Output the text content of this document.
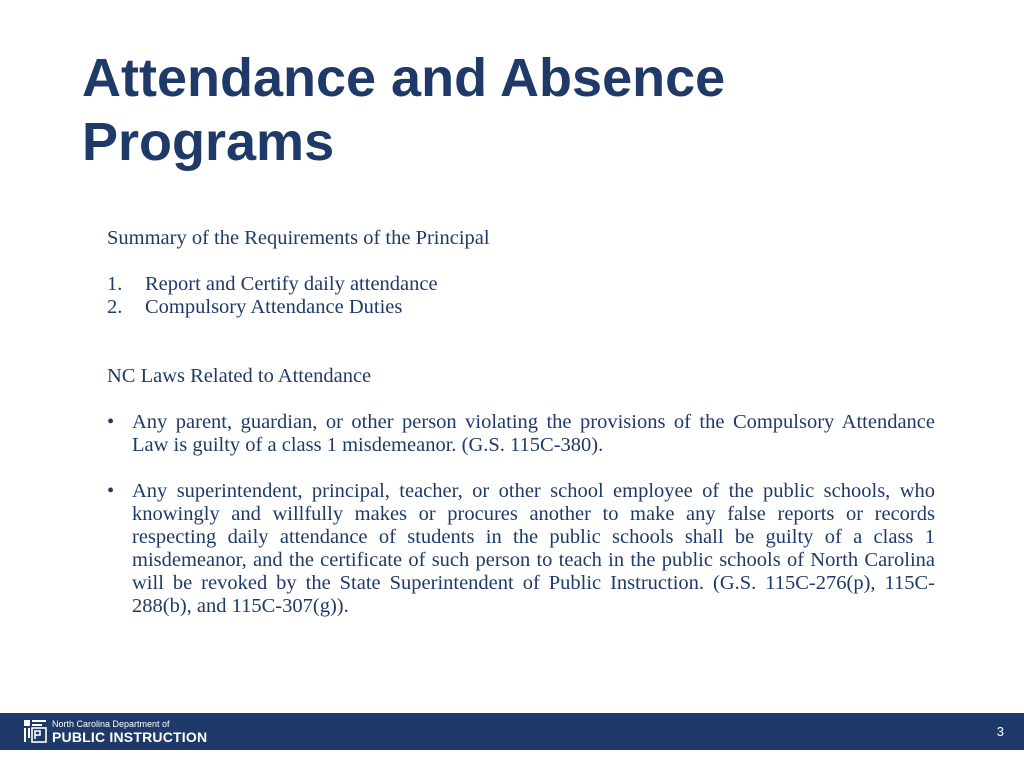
Attendance and Absence
Programs

Summary of the Requirements of the Principal

1. Report and Certify daily attendance
2. Compulsory Attendance Duties

NC Laws Related to Attendance

• Any parent, guardian, or other person violating the provisions of the Compulsory Attendance Law is guilty of a class 1 misdemeanor. (G.S. 115C-380).
• Any superintendent, principal, teacher, or other school employee of the public schools, who knowingly and willfully makes or procures another to make any false reports or records respecting daily attendance of students in the public schools shall be guilty of a class 1 misdemeanor, and the certificate of such person to teach in the public schools of North Carolina will be revoked by the State Superintendent of Public Instruction. (G.S. 115C-276(p), 115C-288(b), and 115C-307(g)).
North Carolina Department of
PUBLIC INSTRUCTION	3
